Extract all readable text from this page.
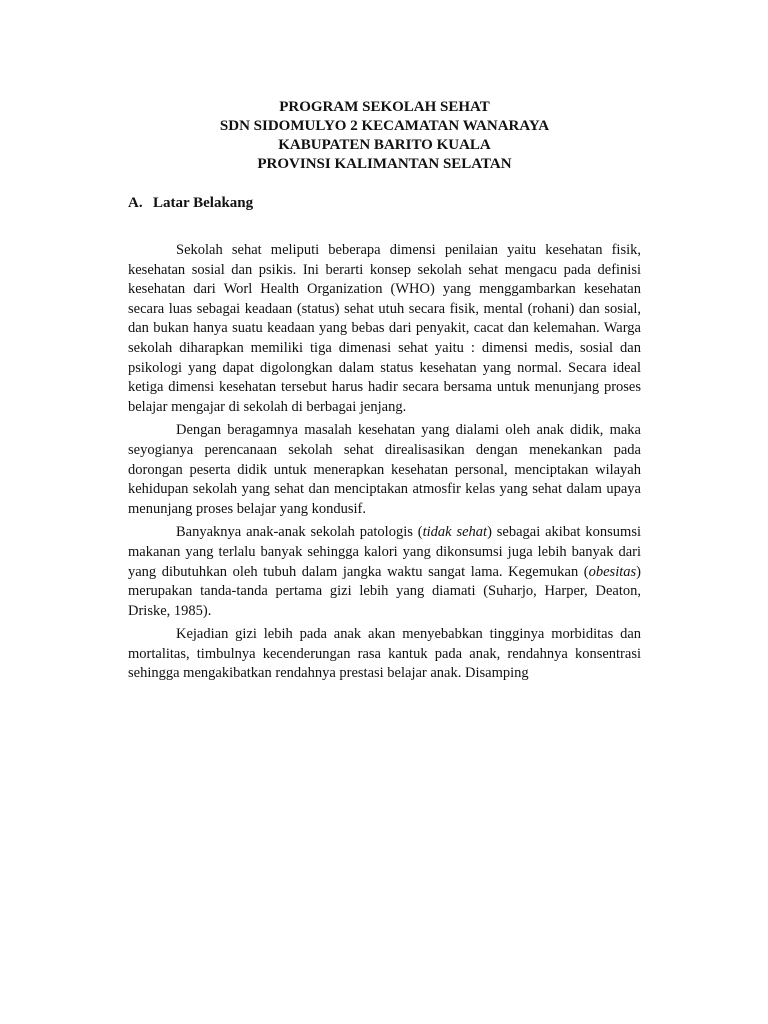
PROGRAM SEKOLAH SEHAT
SDN SIDOMULYO 2 KECAMATAN WANARAYA
KABUPATEN BARITO KUALA
PROVINSI KALIMANTAN SELATAN
A. Latar Belakang

Sekolah sehat meliputi beberapa dimensi penilaian yaitu kesehatan fisik, kesehatan sosial dan psikis. Ini berarti konsep sekolah sehat mengacu pada definisi kesehatan dari Worl Health Organization (WHO) yang menggambarkan kesehatan secara luas sebagai keadaan (status) sehat utuh secara fisik, mental (rohani) dan sosial, dan bukan hanya suatu keadaan yang bebas dari penyakit, cacat dan kelemahan. Warga sekolah diharapkan memiliki tiga dimenasi sehat yaitu : dimensi medis, sosial dan psikologi yang dapat digolongkan dalam status kesehatan yang normal. Secara ideal ketiga dimensi kesehatan tersebut harus hadir secara bersama untuk menunjang proses belajar mengajar di sekolah di berbagai jenjang.

Dengan beragamnya masalah kesehatan yang dialami oleh anak didik, maka seyogianya perencanaan sekolah sehat direalisasikan dengan menekankan pada dorongan peserta didik untuk menerapkan kesehatan personal, menciptakan wilayah kehidupan sekolah yang sehat dan menciptakan atmosfir kelas yang sehat dalam upaya menunjang proses belajar yang kondusif.

Banyaknya anak-anak sekolah patologis (tidak sehat) sebagai akibat konsumsi makanan yang terlalu banyak sehingga kalori yang dikonsumsi juga lebih banyak dari yang dibutuhkan oleh tubuh dalam jangka waktu sangat lama. Kegemukan (obesitas) merupakan tanda-tanda pertama gizi lebih yang diamati (Suharjo, Harper, Deaton, Driske, 1985).

Kejadian gizi lebih pada anak akan menyebabkan tingginya morbiditas dan mortalitas, timbulnya kecenderungan rasa kantuk pada anak, rendahnya konsentrasi sehingga mengakibatkan rendahnya prestasi belajar anak. Disamping
